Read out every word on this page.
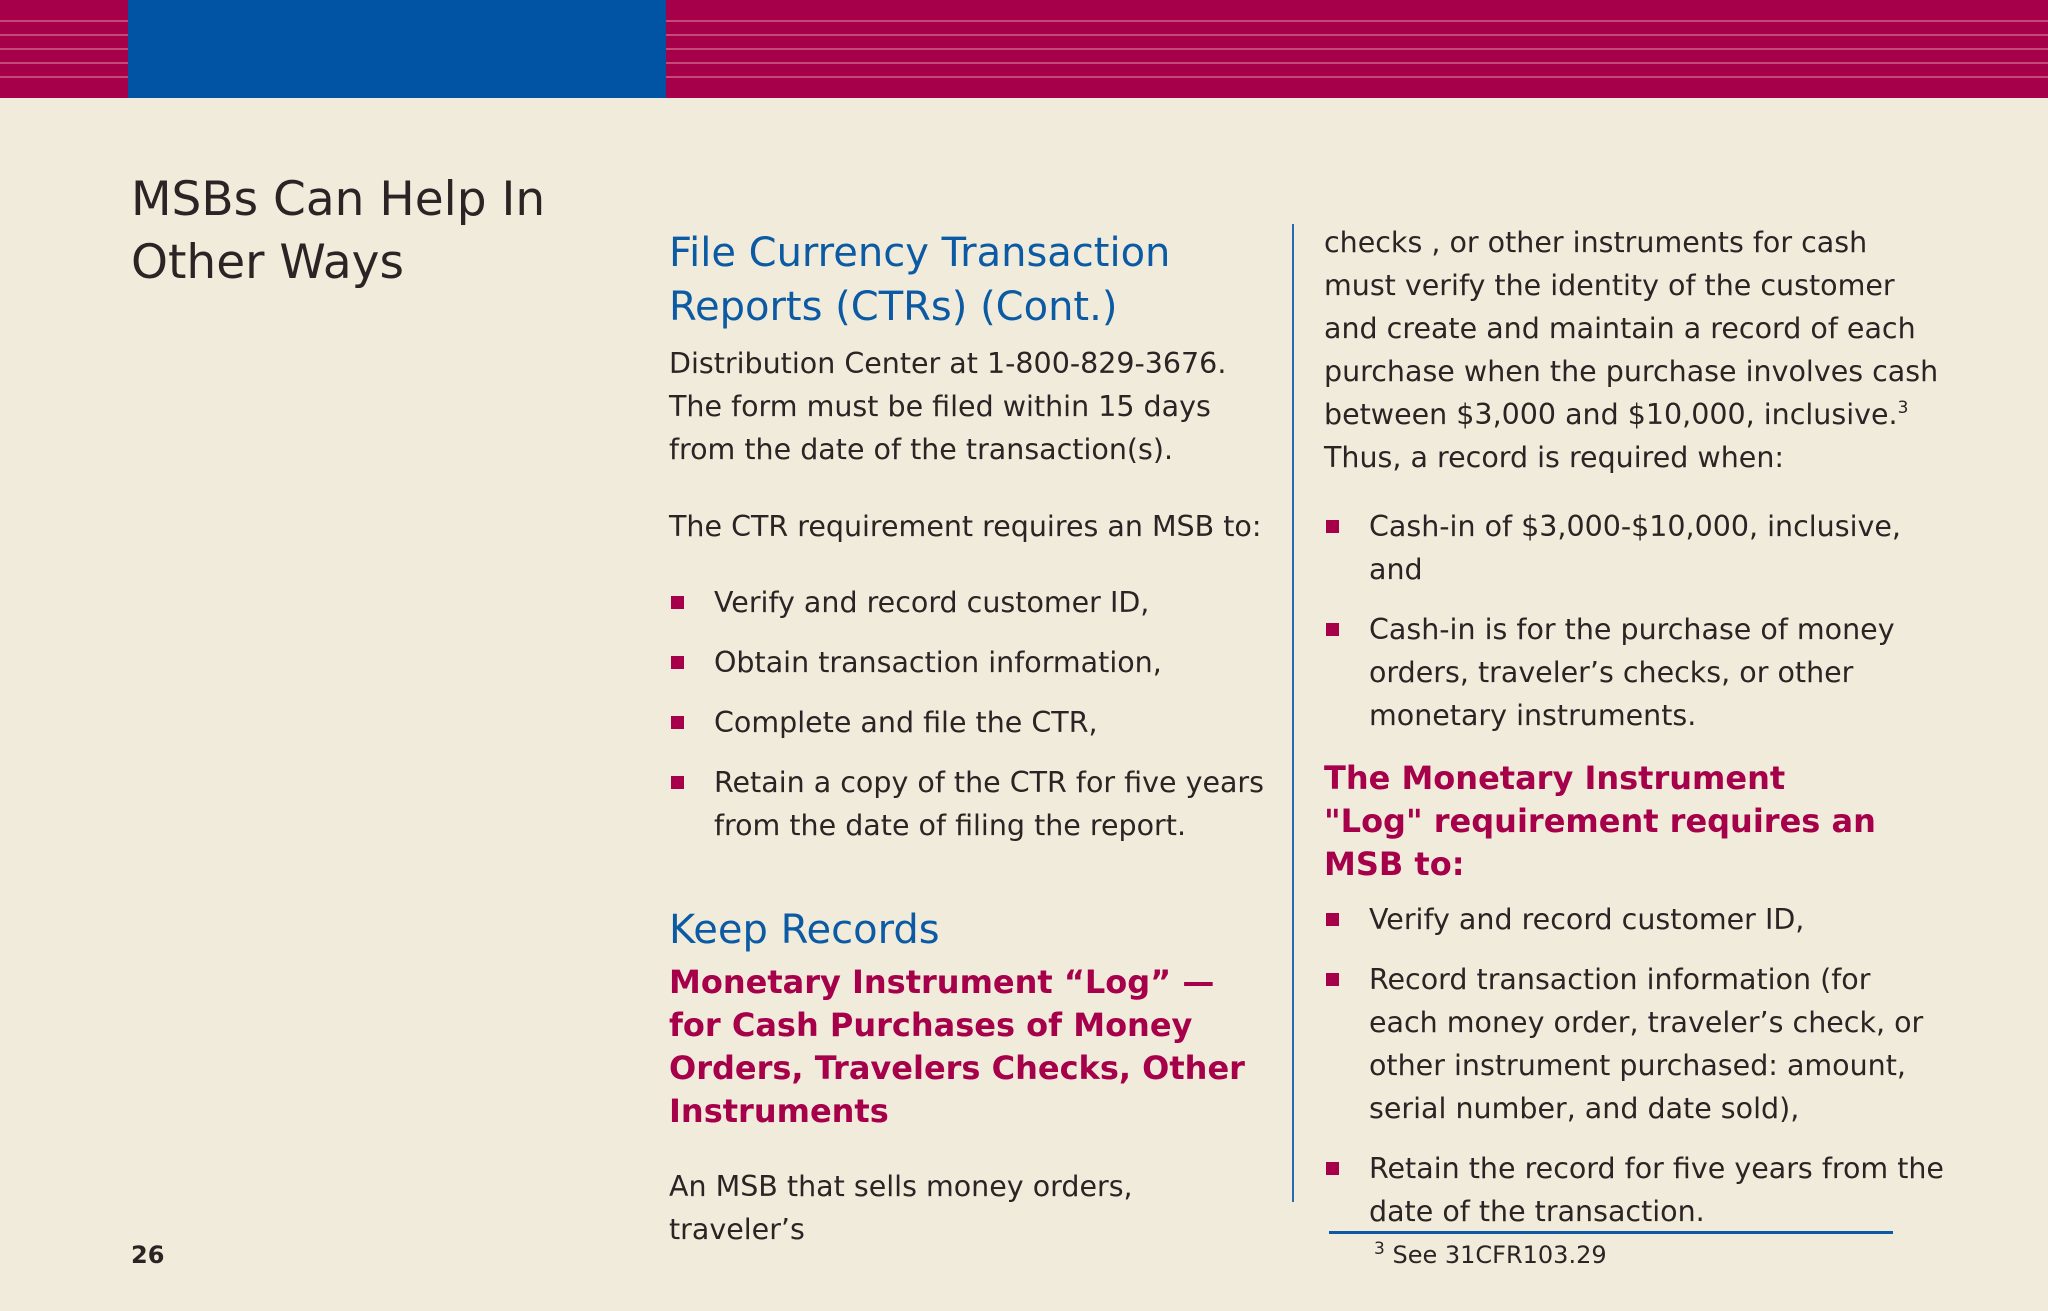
MSBs Can Help In Other Ways	File Currency Transaction Reports (CTRs) (Cont.)

Distribution Center at 1-800-829-3676. The form must be filed within 15 days from the date of the transaction(s).

The CTR requirement requires an MSB to:

Verify and record customer ID,
Obtain transaction information,
Complete and file the CTR,
Retain a copy of the CTR for five years from the date of filing the report.
Keep Records
Monetary Instrument “Log” — for Cash Purchases of Money Orders, Travelers Checks, Other Instruments

An MSB that sells money orders, traveler’s

checks , or other instruments for cash must verify the identity of the customer and create and maintain a record of each purchase when the purchase involves cash between $3,000 and $10,000, inclusive.$^3$ Thus, a record is required when:

Cash-in of $3,000-$10,000, inclusive, and
Cash-in is for the purchase of money orders, traveler’s checks, or other monetary instruments.
The Monetary Instrument "Log" requirement requires an MSB to:
Verify and record customer ID,
Record transaction information (for each money order, traveler’s check, or other instrument purchased: amount, serial number, and date sold),
Retain the record for five years from the date of the transaction.
$^3$ See 31CFR103.29
26
